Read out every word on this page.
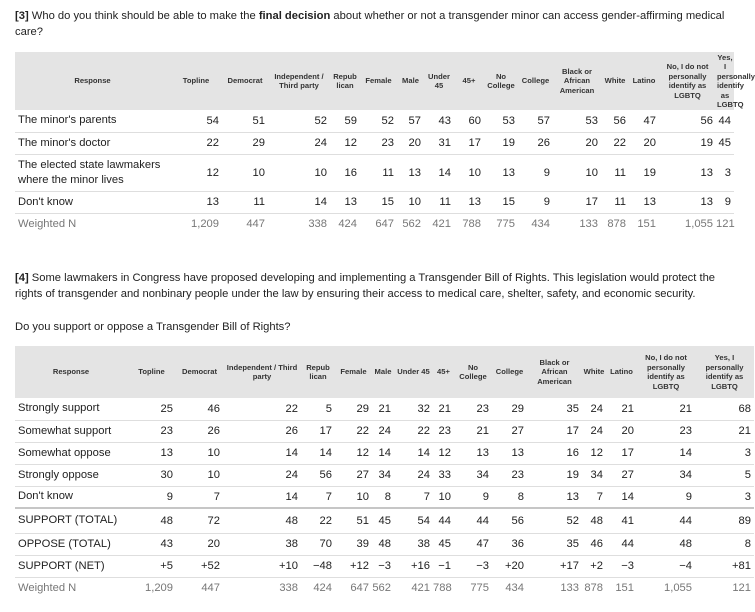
[3] Who do you think should be able to make the final decision about whether or not a transgender minor can access gender-affirming medical care?
Response	Topline	Democrat	Independent / Third party	Repub lican	Female	Male	Under 45	45+	No College	College	Black or African American	White	Latino	No, I do not personally identify as LGBTQ	Yes, I personally identify as LGBTQ
The minor's parents	54	51	52	59	52	57	43	60	53	57	53	56	47	56	44
The minor's doctor	22	29	24	12	23	20	31	17	19	26	20	22	20	19	45
The elected state lawmakers where the minor lives	12	10	10	16	11	13	14	10	13	9	10	11	19	13	3
Don't know	13	11	14	13	15	10	11	13	15	9	17	11	13	13	9
Weighted N	1,209	447	338	424	647	562	421	788	775	434	133	878	151	1,055	121
[4] Some lawmakers in Congress have proposed developing and implementing a Transgender Bill of Rights. This legislation would protect the rights of transgender and nonbinary people under the law by ensuring their access to medical care, shelter, safety, and economic security.
Do you support or oppose a Transgender Bill of Rights?
Response	Topline	Democrat	Independent / Third party	Repub lican	Female	Male	Under 45	45+	No College	College	Black or African American	White	Latino	No, I do not personally identify as LGBTQ	Yes, I personally identify as LGBTQ
Strongly support	25	46	22	5	29	21	32	21	23	29	35	24	21	21	68
Somewhat support	23	26	26	17	22	24	22	23	21	27	17	24	20	23	21
Somewhat oppose	13	10	14	14	12	14	14	12	13	13	16	12	17	14	3
Strongly oppose	30	10	24	56	27	34	24	33	34	23	19	34	27	34	5
Don't know	9	7	14	7	10	8	7	10	9	8	13	7	14	9	3
SUPPORT (TOTAL)	48	72	48	22	51	45	54	44	44	56	52	48	41	44	89
OPPOSE (TOTAL)	43	20	38	70	39	48	38	45	47	36	35	46	44	48	8
SUPPORT (NET)	+5	+52	+10	−48	+12	−3	+16	−1	−3	+20	+17	+2	−3	−4	+81
Weighted N	1,209	447	338	424	647	562	421	788	775	434	133	878	151	1,055	121
